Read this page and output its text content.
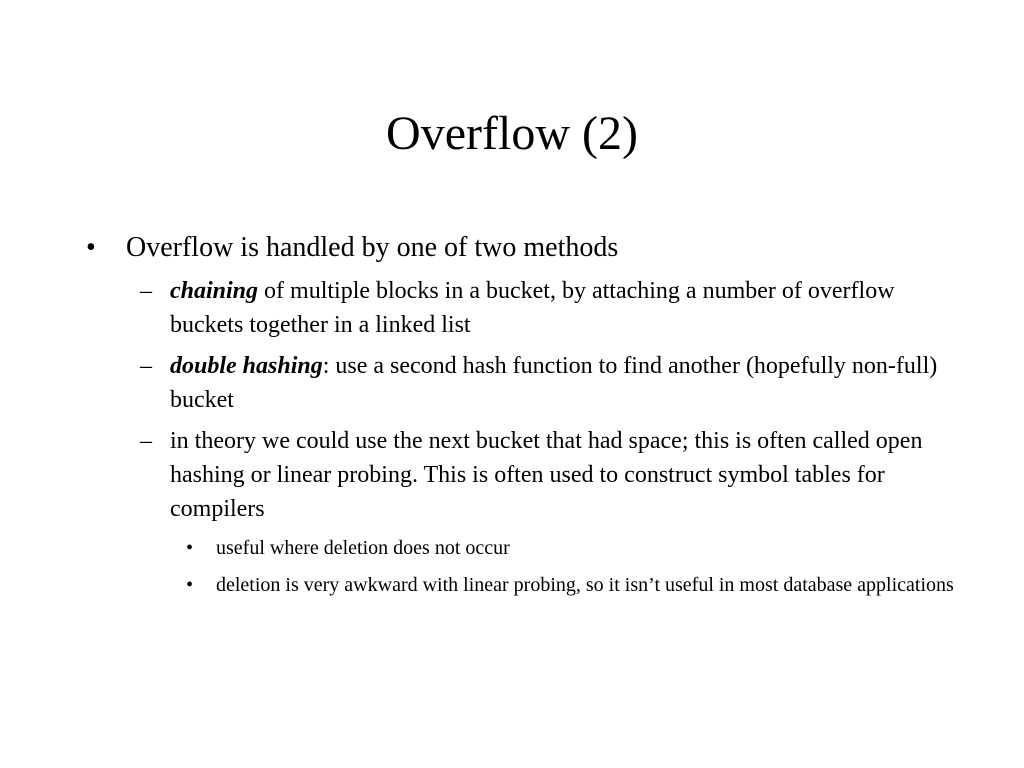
Overflow (2)
• Overflow is handled by one of two methods
– chaining of multiple blocks in a bucket, by attaching a number of overflow buckets together in a linked list
– double hashing: use a second hash function to find another (hopefully non-full) bucket
– in theory we could use the next bucket that had space; this is often called open hashing or linear probing. This is often used to construct symbol tables for compilers
• useful where deletion does not occur
• deletion is very awkward with linear probing, so it isn’t useful in most database applications
